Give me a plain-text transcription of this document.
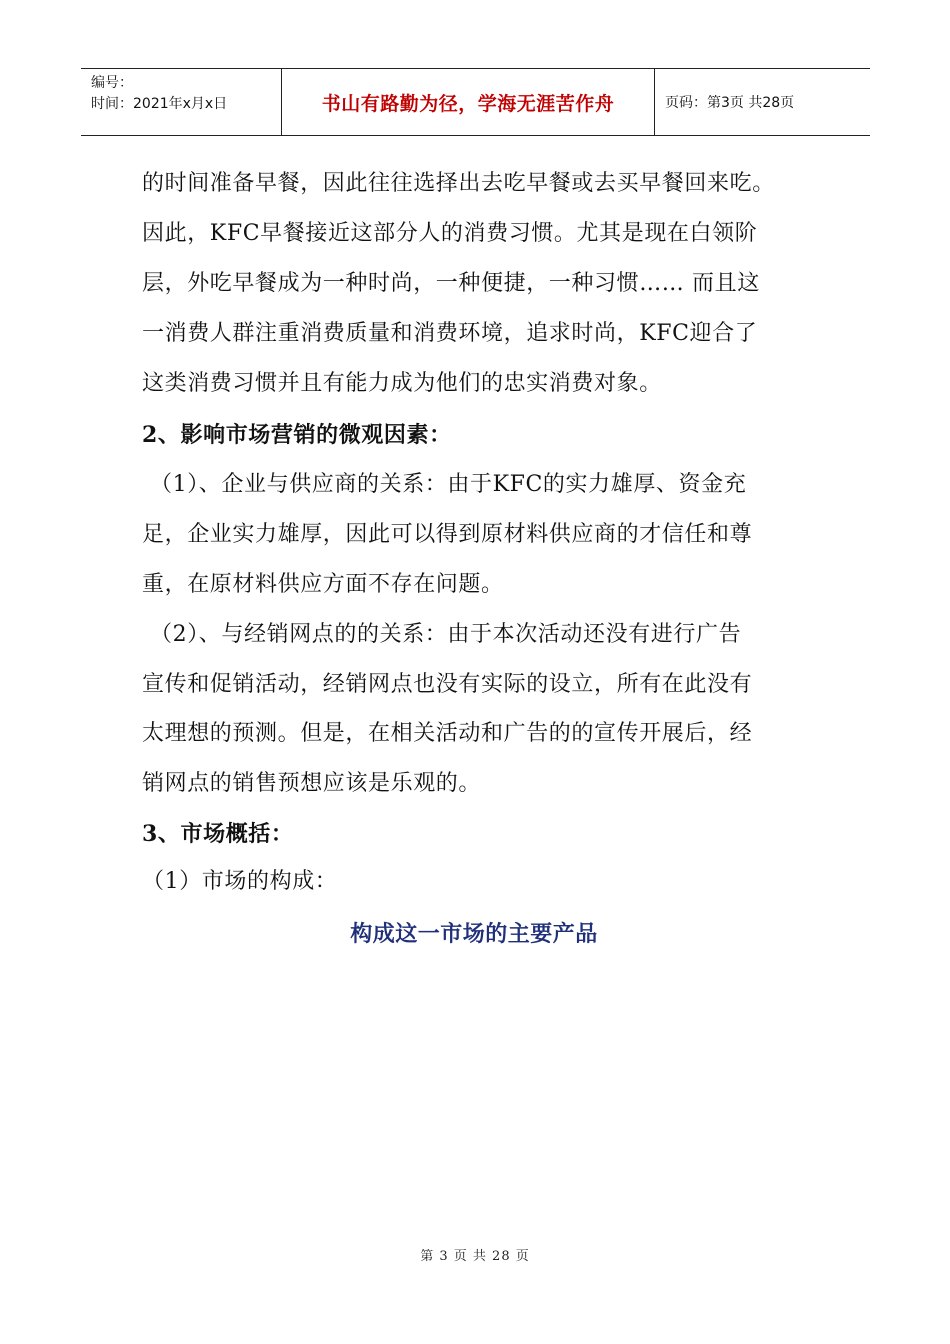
编号：
时间：2021年x月x日	书山有路勤为径，学海无涯苦作舟	页码：第3页 共28页
的时间准备早餐，因此往往选择出去吃早餐或去买早餐回来吃。
因此，KFC早餐接近这部分人的消费习惯。尤其是现在白领阶
层，外吃早餐成为一种时尚，一种便捷，一种习惯…… 而且这
一消费人群注重消费质量和消费环境，追求时尚，KFC迎合了
这类消费习惯并且有能力成为他们的忠实消费对象。
2、影响市场营销的微观因素：
（1）、企业与供应商的关系：由于KFC的实力雄厚、资金充
足，企业实力雄厚，因此可以得到原材料供应商的才信任和尊
重，在原材料供应方面不存在问题。
（2）、与经销网点的的关系：由于本次活动还没有进行广告
宣传和促销活动，经销网点也没有实际的设立，所有在此没有
太理想的预测。但是，在相关活动和广告的的宣传开展后，经
销网点的销售预想应该是乐观的。
3、市场概括：
（1）市场的构成：
构成这一市场的主要产品
第 3 页 共 28 页
